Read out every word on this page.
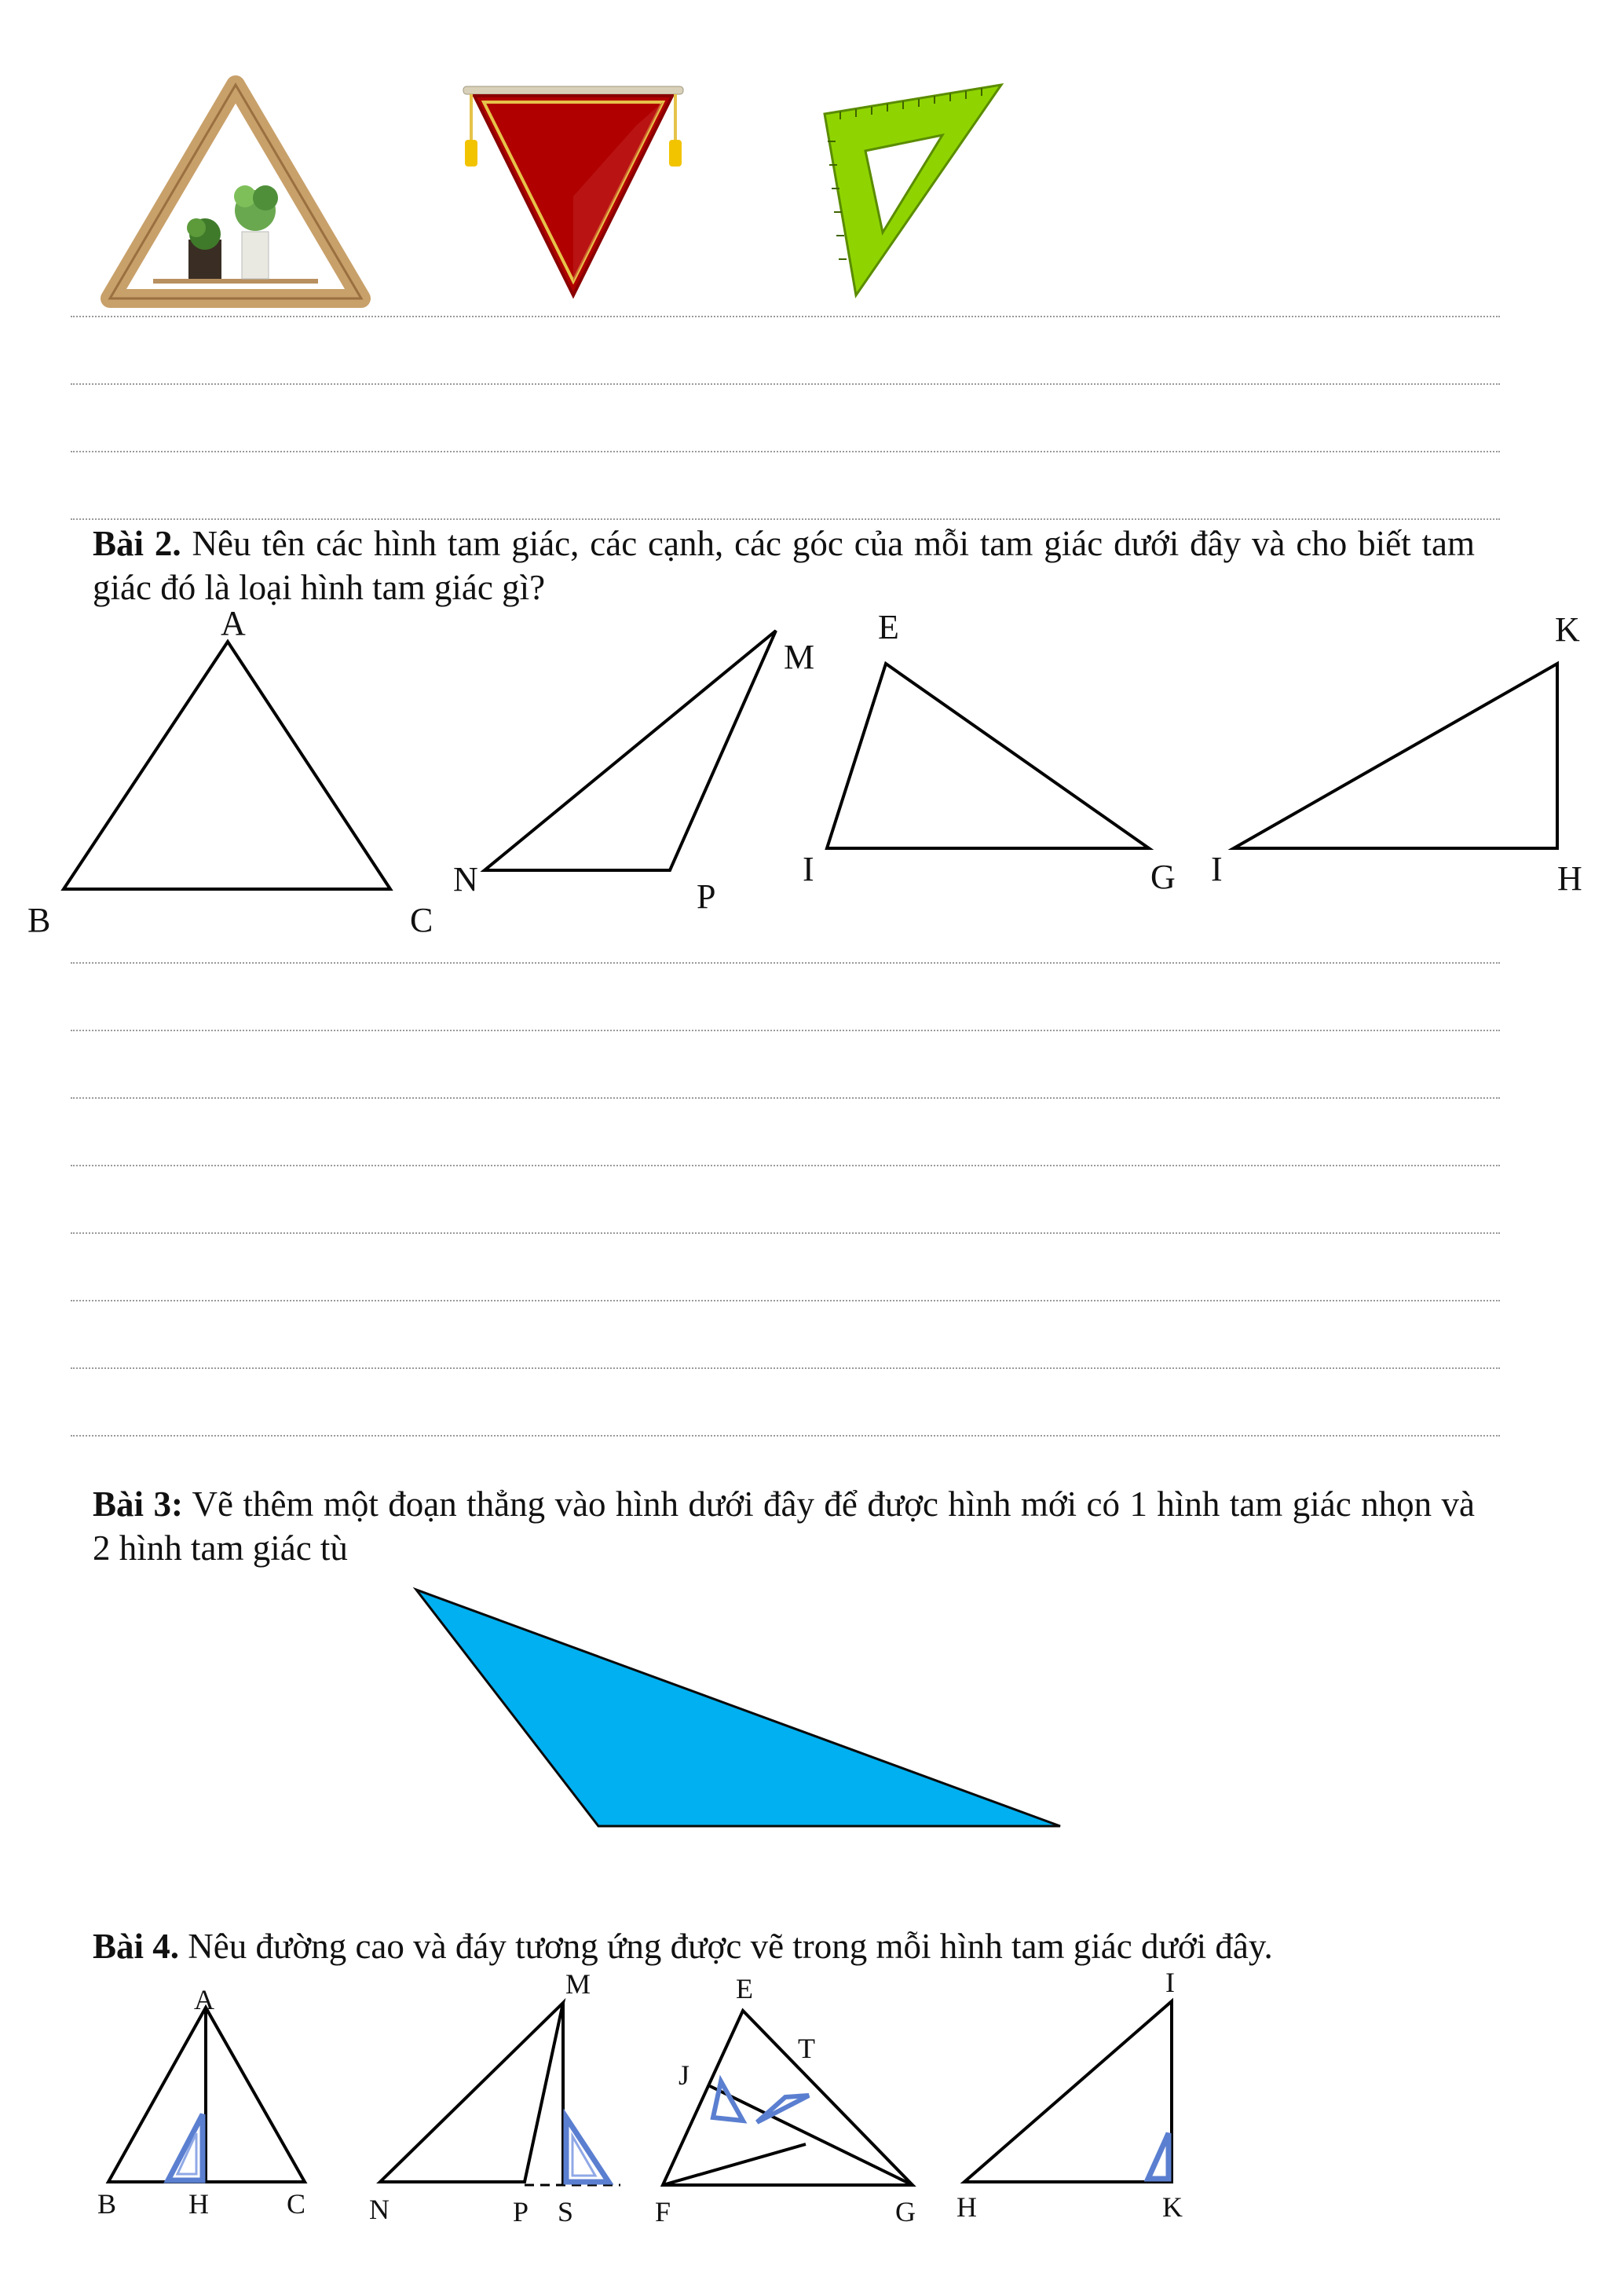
Bài 2. Nêu tên các hình tam giác, các cạnh, các góc của mỗi tam giác dưới đây và cho biết tam giác đó là loại hình tam giác gì?
A
B	C
M
N	P
E
I	G
K
I	H
Bài 3: Vẽ thêm một đoạn thẳng vào hình dưới đây để được hình mới có 1 hình tam giác nhọn và 2 hình tam giác tù
Bài 4. Nêu đường cao và đáy tương ứng được vẽ trong mỗi hình tam giác dưới đây.
A
B	H	C
M
N	P S
E
T
J
F	G
I
H	K
